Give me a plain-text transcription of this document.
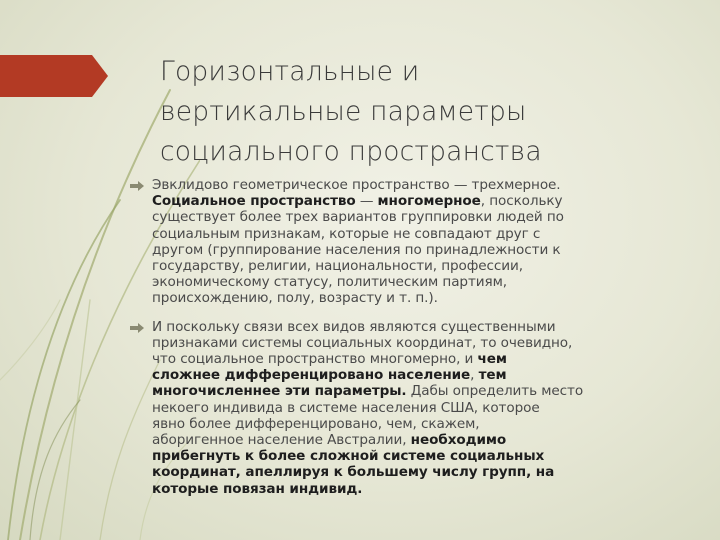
Горизонтальные и
вертикальные параметры
социального пространства
Эвклидово геометрическое пространство — трехмерное.
Социальное пространство — многомерное, поскольку
существует более трех вариантов группировки людей по
социальным признакам, которые не совпадают друг с
другом (группирование населения по принадлежности к
государству, религии, национальности, профессии,
экономическому статусу, политическим партиям,
происхождению, полу, возрасту и т. п.).
И поскольку связи всех видов являются существенными
признаками системы социальных координат, то очевидно,
что социальное пространство многомерно, и чем
сложнее дифференцировано население, тем
многочисленнее эти параметры. Дабы определить место
некоего индивида в системе населения США, которое
явно более дифференцировано, чем, скажем,
аборигенное население Австралии, необходимо
прибегнуть к более сложной системе социальных
координат, апеллируя к большему числу групп, на
которые повязан индивид.
